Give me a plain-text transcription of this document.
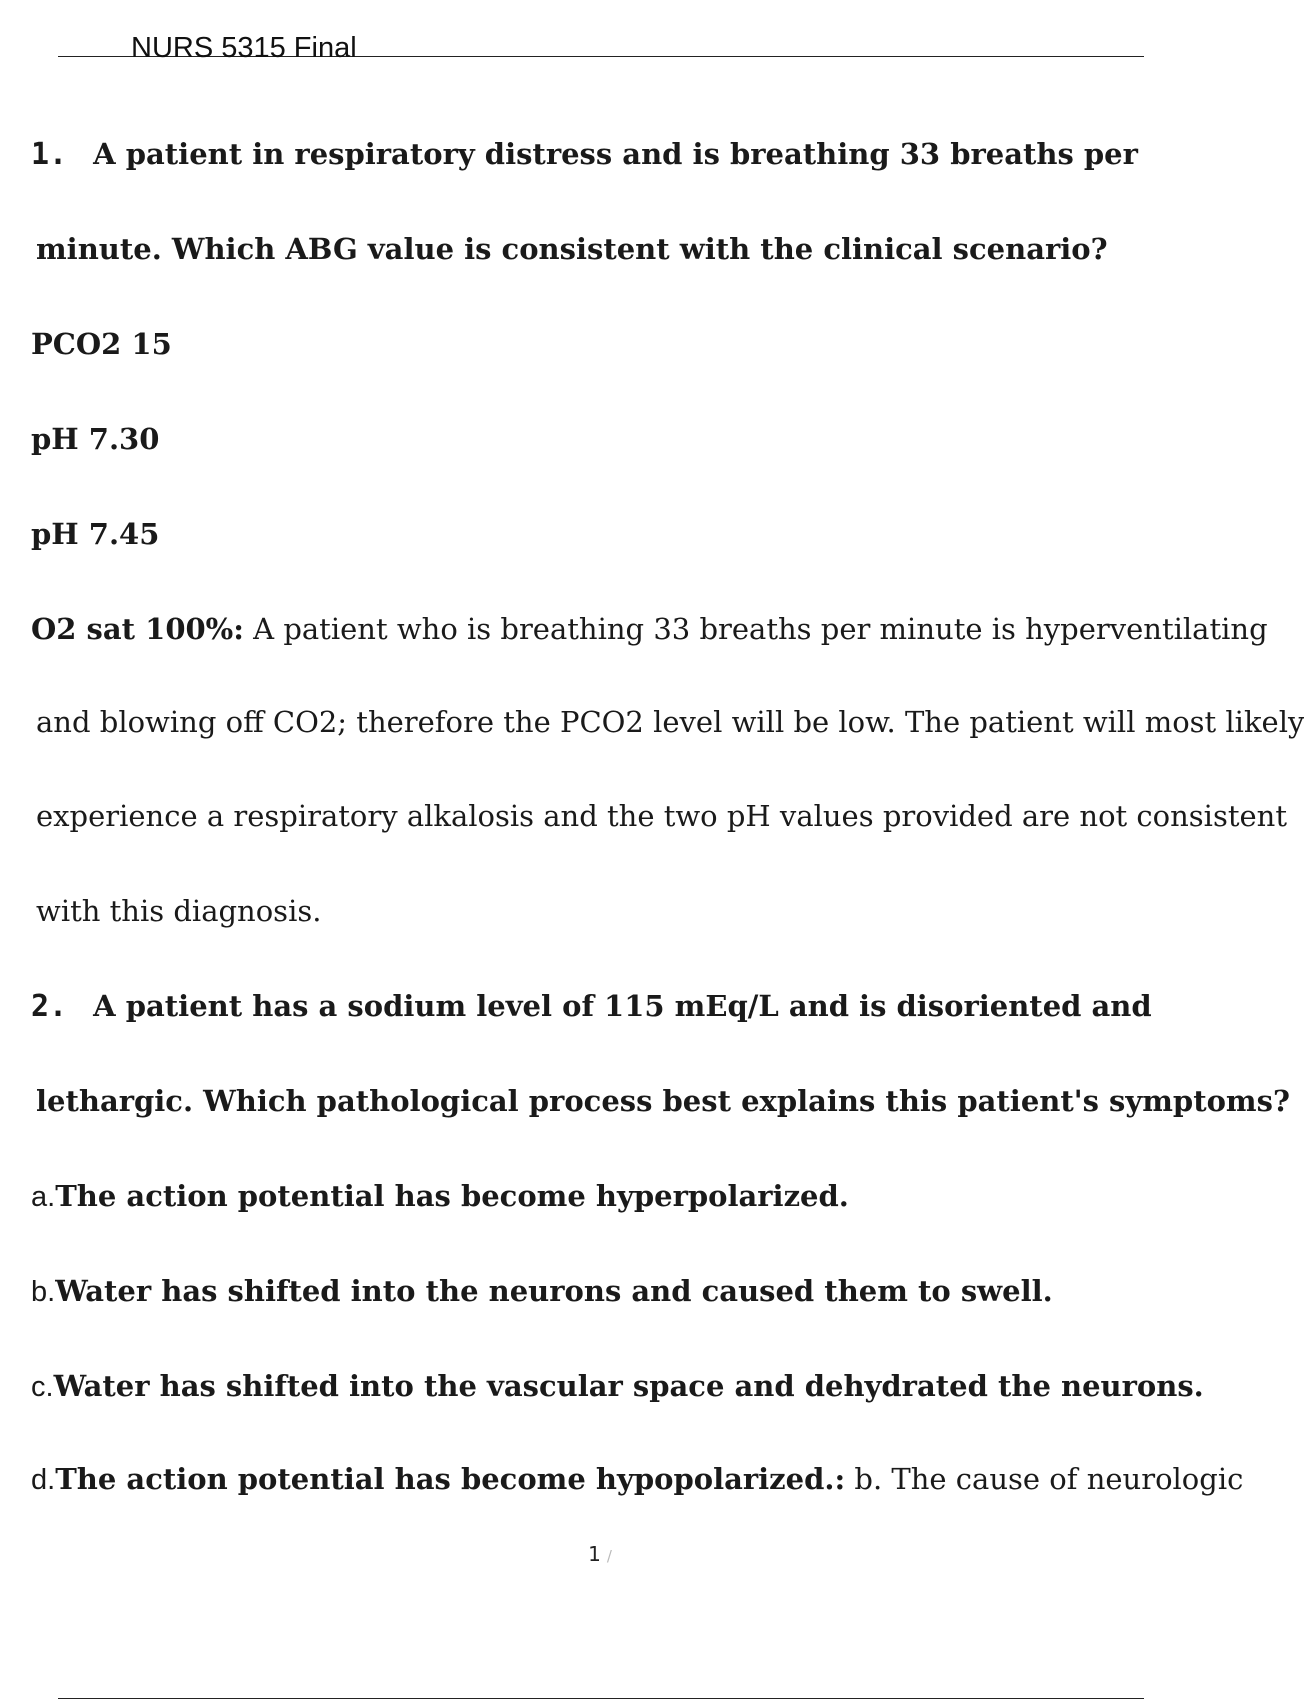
NURS 5315 Final
1. A patient in respiratory distress and is breathing 33 breaths per
minute. Which ABG value is consistent with the clinical scenario?
PCO2 15
pH 7.30
pH 7.45
O2 sat 100%: A patient who is breathing 33 breaths per minute is hyperventilating
and blowing off CO2; therefore the PCO2 level will be low. The patient will most likely
experience a respiratory alkalosis and the two pH values provided are not consistent
with this diagnosis.
2. A patient has a sodium level of 115 mEq/L and is disoriented and
lethargic. Which pathological process best explains this patient's symptoms?
a.The action potential has become hyperpolarized.
b.Water has shifted into the neurons and caused them to swell.
c.Water has shifted into the vascular space and dehydrated the neurons.
d.The action potential has become hypopolarized.: b. The cause of neurologic
1 /
